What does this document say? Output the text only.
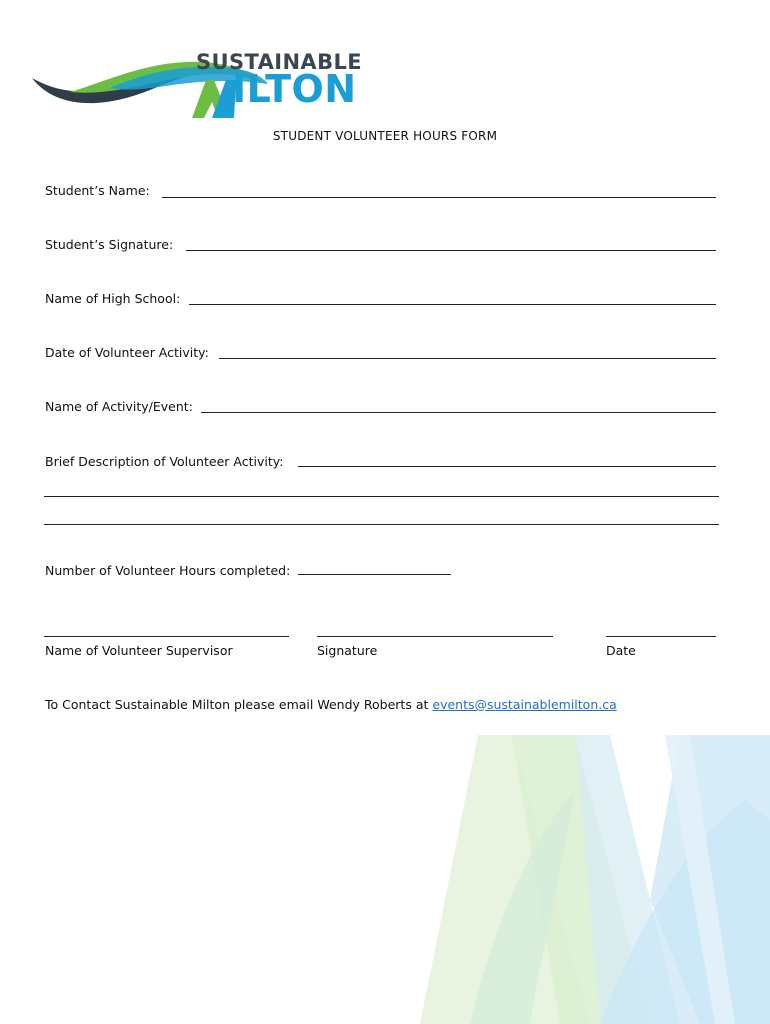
SUSTAINABLE
ILTON
STUDENT VOLUNTEER HOURS FORM
Student’s Name:
Student’s Signature:
Name of High School:
Date of Volunteer Activity:
Name of Activity/Event:
Brief Description of Volunteer Activity:
Number of Volunteer Hours completed:
Name of Volunteer Supervisor	Signature	Date
To Contact Sustainable Milton please email Wendy Roberts at events@sustainablemilton.ca
